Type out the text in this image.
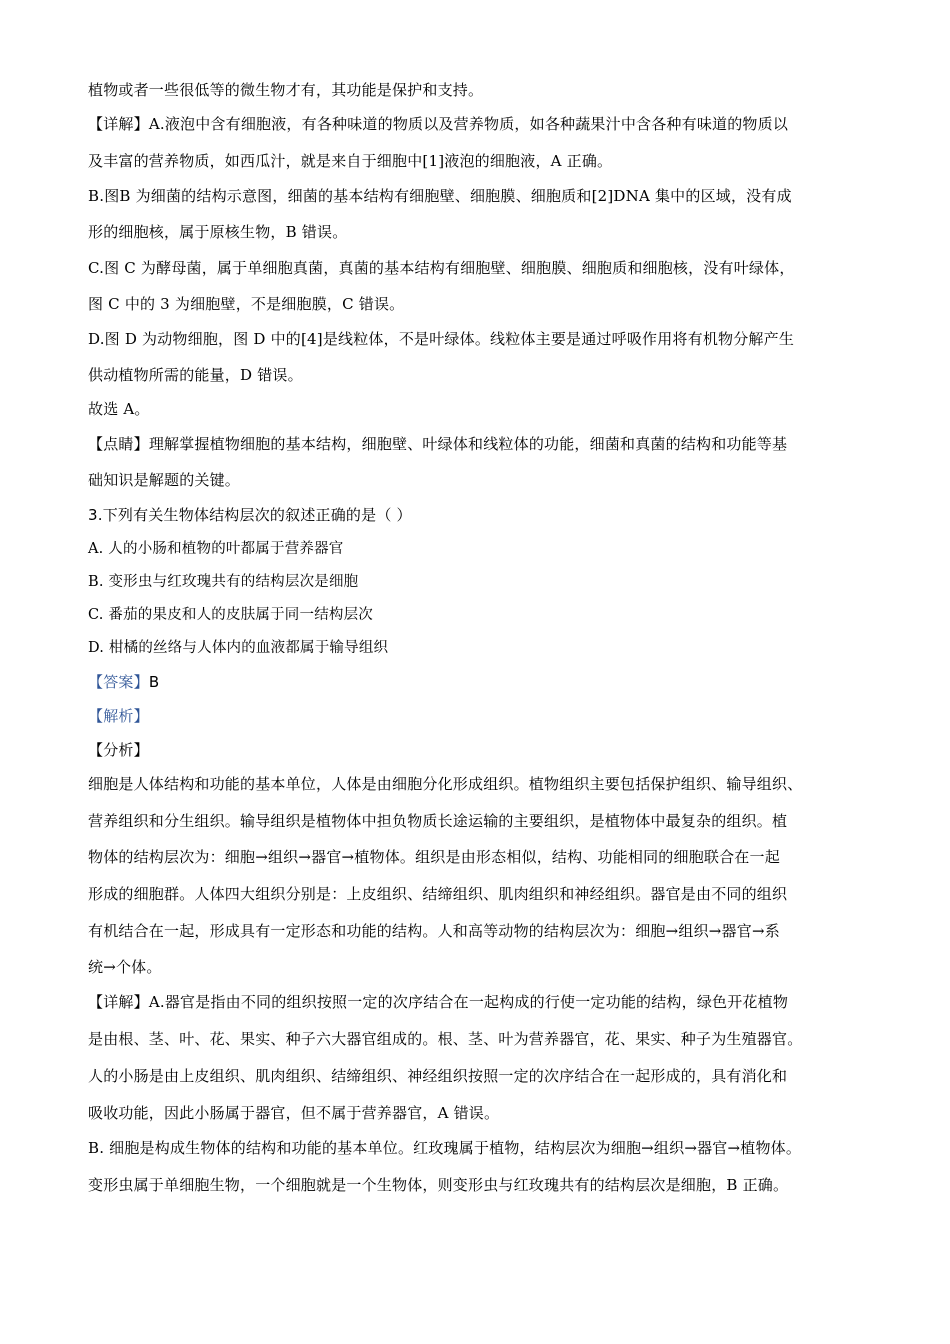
植物或者一些很低等的微生物才有，其功能是保护和支持。
【详解】A.液泡中含有细胞液，有各种味道的物质以及营养物质，如各种蔬果汁中含各种有味道的物质以
及丰富的营养物质，如西瓜汁，就是来自于细胞中[1]液泡的细胞液，A 正确。
B.图B 为细菌的结构示意图，细菌的基本结构有细胞壁、细胞膜、细胞质和[2]DNA 集中的区域，没有成
形的细胞核，属于原核生物，B 错误。
C.图 C 为酵母菌，属于单细胞真菌，真菌的基本结构有细胞壁、细胞膜、细胞质和细胞核，没有叶绿体，
图 C 中的 3 为细胞壁，不是细胞膜，C 错误。
D.图 D 为动物细胞，图 D 中的[4]是线粒体，不是叶绿体。线粒体主要是通过呼吸作用将有机物分解产生
供动植物所需的能量，D 错误。
故选 A。
【点睛】理解掌握植物细胞的基本结构，细胞壁、叶绿体和线粒体的功能，细菌和真菌的结构和功能等基
础知识是解题的关键。
3.下列有关生物体结构层次的叙述正确的是（ ）
A. 人的小肠和植物的叶都属于营养器官
B. 变形虫与红玫瑰共有的结构层次是细胞
C. 番茄的果皮和人的皮肤属于同一结构层次
D. 柑橘的丝络与人体内的血液都属于输导组织
【答案】B
【解析】
【分析】
细胞是人体结构和功能的基本单位，人体是由细胞分化形成组织。植物组织主要包括保护组织、输导组织、
营养组织和分生组织。输导组织是植物体中担负物质长途运输的主要组织，是植物体中最复杂的组织。植
物体的结构层次为：细胞→组织→器官→植物体。组织是由形态相似，结构、功能相同的细胞联合在一起
形成的细胞群。人体四大组织分别是：上皮组织、结缔组织、肌肉组织和神经组织。器官是由不同的组织
有机结合在一起，形成具有一定形态和功能的结构。人和高等动物的结构层次为：细胞→组织→器官→系
统→个体。
【详解】A.器官是指由不同的组织按照一定的次序结合在一起构成的行使一定功能的结构，绿色开花植物
是由根、茎、叶、花、果实、种子六大器官组成的。根、茎、叶为营养器官，花、果实、种子为生殖器官。
人的小肠是由上皮组织、肌肉组织、结缔组织、神经组织按照一定的次序结合在一起形成的，具有消化和
吸收功能，因此小肠属于器官，但不属于营养器官，A 错误。
B. 细胞是构成生物体的结构和功能的基本单位。红玫瑰属于植物，结构层次为细胞→组织→器官→植物体。
变形虫属于单细胞生物，一个细胞就是一个生物体，则变形虫与红玫瑰共有的结构层次是细胞，B 正确。
